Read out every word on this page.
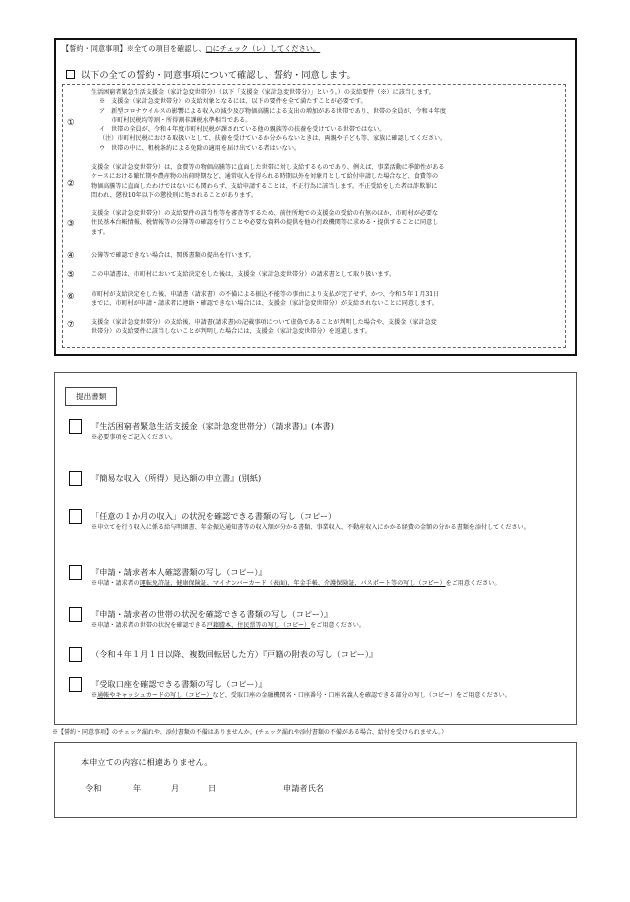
【誓約・同意事項】※全ての項目を確認し、□にチェック（レ）してください。
以下の全ての誓約・同意事項について確認し、誓約・同意します。
①

生活困窮者緊急生活支援金（家計急変世帯分）（以下「支援金（家計急変世帯分）」という。）の支給要件（※）に該当します。

※　支援金（家計急変世帯分）の支給対象となるには、以下の要件を全て満たすことが必要です。

ア　新型コロナウイルスの影響による収入の減少及び物価高騰による支出の増加がある世帯であり、世帯の全員が、令和４年度

　　市町村民税均等割・所得割非課税水準相当である。

イ　世帯の全員が、令和４年度市町村民税が課されている他の親族等の扶養を受けている世帯ではない。

（注）市町村民税における取扱いとして、扶養を受けているか分からないときは、両親や子ども等、家族に確認してください。

ウ　世帯の中に、租税条約による免除の適用を届け出ている者はいない。

②

支援金（家計急変世帯分）は、食費等の物価高騰等に直面した世帯に対し支給するものであり、例えば、事業活動に季節性がある

ケースにおける繁忙期や農産物の出荷時期など、通常収入を得られる時期以外を対象月として給付申請した場合など、食費等の

物価高騰等に直面したわけではないにも関わらず、支給申請することは、不正行為に該当します。不正受給をした者は詐欺罪に

問われ、懲役10年以下の懲役刑に処されることがあります。

③

支援金（家計急変世帯分）の支給要件の該当性等を審査等するため、前住所地での支援金の受給の有無のほか、市町村が必要な

住民基本台帳情報、税情報等の公簿等の確認を行うことや必要な資料の提供を他の行政機関等に求める・提供することに同意し

ます。

④	公簿等で確認できない場合は、関係書類の提出を行います。

⑤	この申請書は、市町村において支給決定をした後は、支援金（家計急変世帯分）の請求書として取り扱います。

⑥	市町村が支給決定をした後、申請書（請求書）の不備による振込不能等の事由により支払が完了せず、かつ、令和５年１月31日

までに、市町村が申請・請求者に連絡・確認できない場合には、支援金（家計急変世帯分）が支給されないことに同意します。

⑦	支援金（家計急変世帯分）の支給後、申請書(請求書)の記載事項について虚偽であることが判明した場合や、支援金（家計急変

世帯分）の支給要件に該当しないことが判明した場合には、支援金（家計急変世帯分）を返還します。

提出書類
『生活困窮者緊急生活支援金（家計急変世帯分）（請求書)』(本書)
※必要事項をご記入ください。
『簡易な収入（所得）見込額の申立書』(別紙)
「任意の１か月の収入」の状況を確認できる書類の写し（コピー）
※申立てを行う収入に係る給与明細書、年金振込通知書等の収入額が分かる書類、事業収入、不動産収入にかかる経費の金額の分かる書類を添付してください。
『申請・請求者本人確認書類の写し（コピー）』
※申請・請求者の運転免許証、健康保険証、マイナンバーカード（表面)、年金手帳、介護保険証、パスポート等の写し（コピー）をご用意ください。
『申請・請求者の世帯の状況を確認できる書類の写し（コピー）』
※申請・請求者の世帯の状況を確認できる戸籍謄本、住民票等の写し（コピー）をご用意ください。
（令和４年１月１日以降、複数回転居した方）『戸籍の附表の写し（コピー）』
『受取口座を確認できる書類の写し（コピー）』
※通帳やキャッシュカードの写し（コピー）など、受取口座の金融機関名・口座番号・口座名義人を確認できる部分の写し（コピー）をご用意ください。
※【誓約・同意事項】のチェック漏れや、添付書類の不備はありませんか。(チェック漏れや添付書類の不備がある場合、給付を受けられません。）
本申立ての内容に相違ありません。
令和	年	月	日	申請者氏名
